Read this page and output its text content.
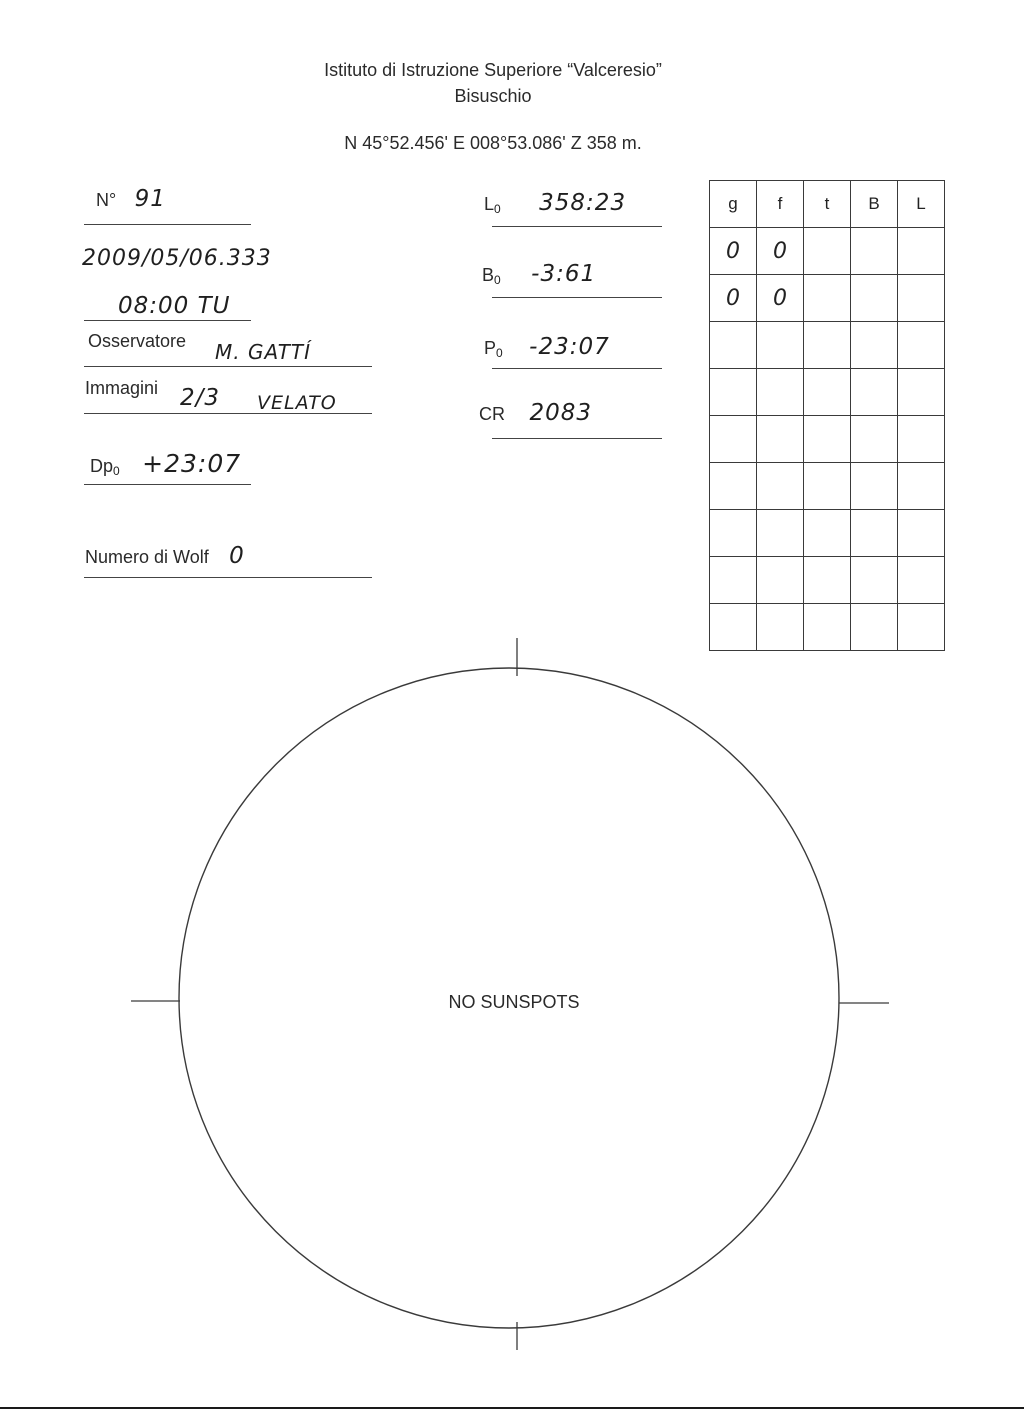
Istituto di Istruzione Superiore “Valceresio”
Bisuschio
N 45°52.456' E 008°53.086' Z 358 m.
N° 91
2009/05/06.333
08:00 TU
Osservatore M. GATTÍ
Immagini 2/3 VELATO
$Dp_0$ +23:07
Numero di Wolf 0
$L_0$ 358:23
$B_0$ -3:61
$P_0$ -23:07
CR 2083
g	f	t	B	L
0	0			
0	0			

NO SUNSPOTS
